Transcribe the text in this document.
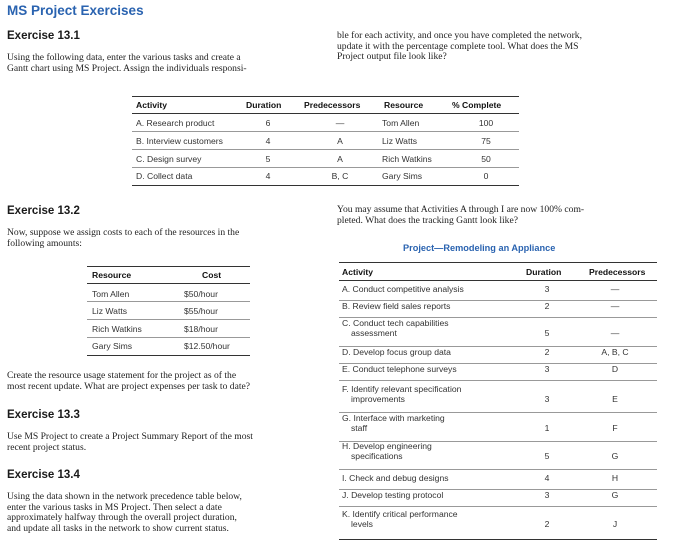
MS Project Exercises
Exercise 13.1
Using the following data, enter the various tasks and create a
Gantt chart using MS Project. Assign the individuals responsi-
ble for each activity, and once you have completed the network,
update it with the percentage complete tool. What does the MS
Project output file look like?
Activity	Duration	Predecessors	Resource	% Complete
A. Research product	6	—	Tom Allen	100
B. Interview customers	4	A	Liz Watts	75
C. Design survey	5	A	Rich Watkins	50
D. Collect data	4	B, C	Gary Sims	0
Exercise 13.2
Now, suppose we assign costs to each of the resources in the
following amounts:
You may assume that Activities A through I are now 100% com-
pleted. What does the tracking Gantt look like?
Resource	Cost
Tom Allen	$50/hour
Liz Watts	$55/hour
Rich Watkins	$18/hour
Gary Sims	$12.50/hour
Create the resource usage statement for the project as of the
most recent update. What are project expenses per task to date?
Exercise 13.3
Use MS Project to create a Project Summary Report of the most
recent project status.
Exercise 13.4
Using the data shown in the network precedence table below,
enter the various tasks in MS Project. Then select a date
approximately halfway through the overall project duration,
and update all tasks in the network to show current status.
Project—Remodeling an Appliance
Activity	Duration	Predecessors
A. Conduct competitive analysis	3	—
B. Review field sales reports	2	—
C. Conduct tech capabilities
assessment	5	—
D. Develop focus group data	2	A, B, C
E. Conduct telephone surveys	3	D
F. Identify relevant specification
improvements	3	E
G. Interface with marketing
staff	1	F
H. Develop engineering
specifications	5	G
I. Check and debug designs	4	H
J. Develop testing protocol	3	G
K. Identify critical performance
levels	2	J
